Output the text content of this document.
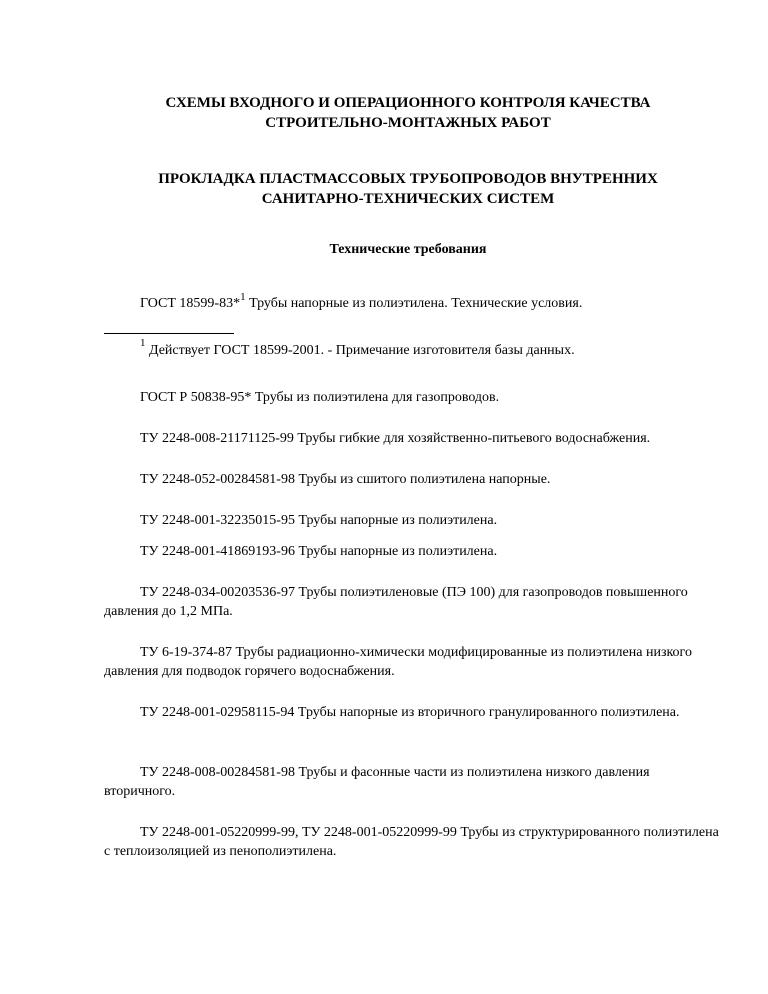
СХЕМЫ ВХОДНОГО И ОПЕРАЦИОННОГО КОНТРОЛЯ КАЧЕСТВА
СТРОИТЕЛЬНО-МОНТАЖНЫХ РАБОТ
ПРОКЛАДКА ПЛАСТМАССОВЫХ ТРУБОПРОВОДОВ ВНУТРЕННИХ
САНИТАРНО-ТЕХНИЧЕСКИХ СИСТЕМ
Технические требования
ГОСТ 18599-83*$^1$ Трубы напорные из полиэтилена. Технические условия.
$^1$ Действует ГОСТ 18599-2001. - Примечание изготовителя базы данных.
ГОСТ Р 50838-95* Трубы из полиэтилена для газопроводов.
ТУ 2248-008-21171125-99 Трубы гибкие для хозяйственно-питьевого водоснабжения.
ТУ 2248-052-00284581-98 Трубы из сшитого полиэтилена напорные.
ТУ 2248-001-32235015-95 Трубы напорные из полиэтилена.
ТУ 2248-001-41869193-96 Трубы напорные из полиэтилена.
ТУ 2248-034-00203536-97 Трубы полиэтиленовые (ПЭ 100) для газопроводов повышенного давления до 1,2 МПа.
ТУ 6-19-374-87 Трубы радиационно-химически модифицированные из полиэтилена низкого давления для подводок горячего водоснабжения.
ТУ 2248-001-02958115-94 Трубы напорные из вторичного гранулированного полиэтилена.
ТУ 2248-008-00284581-98 Трубы и фасонные части из полиэтилена низкого давления вторичного.
ТУ 2248-001-05220999-99, ТУ 2248-001-05220999-99 Трубы из структурированного полиэтилена с теплоизоляцией из пенополиэтилена.
